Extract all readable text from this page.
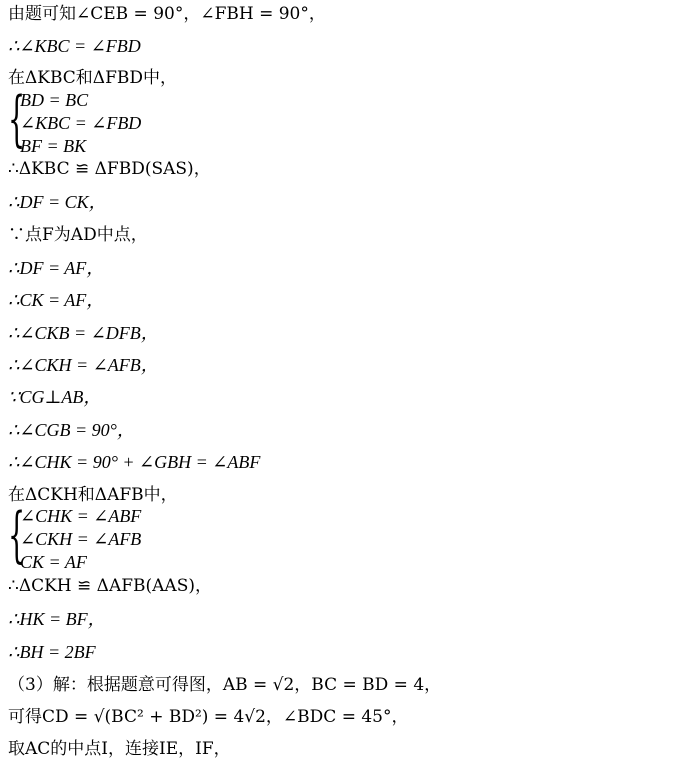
由题可知∠CEB = 90°，∠FBH = 90°，
∴∠KBC = ∠FBD
在ΔKBC和ΔFBD中，
{
BD = BC
∠KBC = ∠FBD
BF = BK
∴ΔKBC ≌ ΔFBD(SAS)，
∴DF = CK，
∵点F为AD中点，
∴DF = AF，
∴CK = AF，
∴∠CKB = ∠DFB，
∴∠CKH = ∠AFB，
∵CG⊥AB，
∴∠CGB = 90°，
∴∠CHK = 90° + ∠GBH = ∠ABF
在ΔCKH和ΔAFB中，
{
∠CHK = ∠ABF
∠CKH = ∠AFB
CK = AF
∴ΔCKH ≌ ΔAFB(AAS)，
∴HK = BF，
∴BH = 2BF
（3）解：根据题意可得图，AB = √2，BC = BD = 4，
可得CD = √(BC² + BD²) = 4√2，∠BDC = 45°，
取AC的中点I，连接IE，IF，
